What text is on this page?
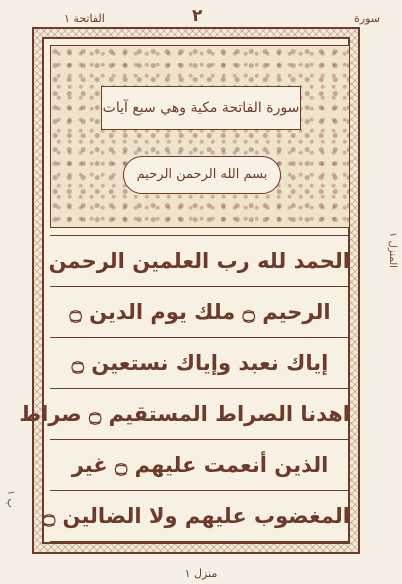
سورة
٢
الفاتحة ١
سورة الفاتحة مكية وهي سبع آيات
بسم الله الرحمن الرحيم
الحمد لله رب العلمين الرحمن
الرحيم ۝ ملك يوم الدين ۝
إياك نعبد وإياك نستعين ۝
اهدنا الصراط المستقيم ۝ صراط
الذين أنعمت عليهم ۝ غير
المغضوب عليهم ولا الضالين ۝
المنزل ١
پ ١
منزل ١
